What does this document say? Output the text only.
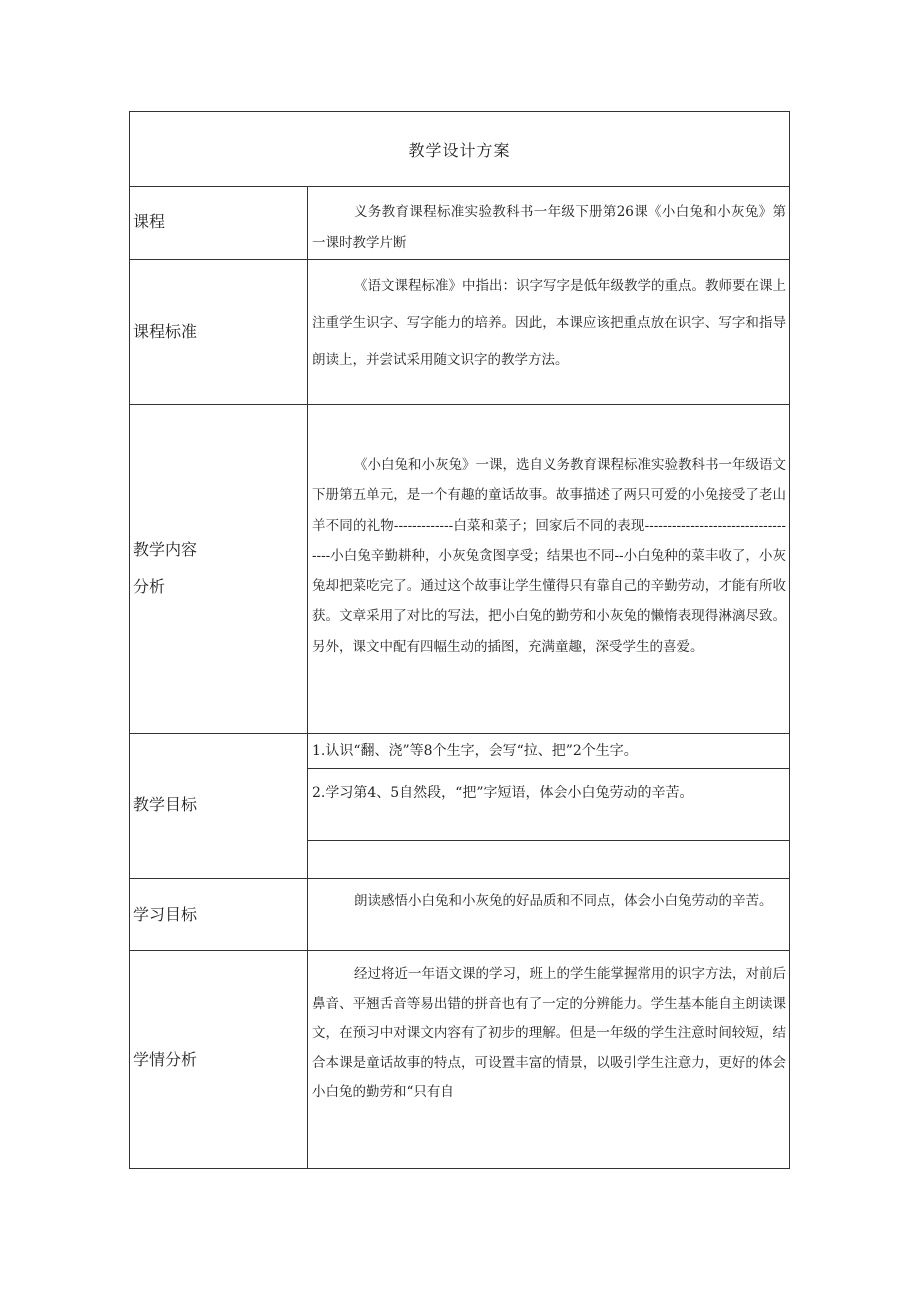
教学设计方案
课程	义务教育课程标准实验教科书一年级下册第26课《小白兔和小灰兔》第一课时教学片断

课程标准

《语文课程标准》中指出：识字写字是低年级教学的重点。教师要在课上注重学生识字、写字能力的培养。因此，本课应该把重点放在识字、写字和指导朗读上，并尝试采用随文识字的教学方法。

教学内容
分析

《小白兔和小灰兔》一课，选自义务教育课程标准实验教科书一年级语文下册第五单元，是一个有趣的童话故事。故事描述了两只可爱的小兔接受了老山羊不同的礼物-------------白菜和菜子；回家后不同的表现-----------------------------------小白兔辛勤耕种，小灰兔贪图享受；结果也不同--小白兔种的菜丰收了，小灰兔却把菜吃完了。通过这个故事让学生懂得只有靠自己的辛勤劳动，才能有所收获。文章采用了对比的写法，把小白兔的勤劳和小灰兔的懒惰表现得淋漓尽致。另外，课文中配有四幅生动的插图，充满童趣，深受学生的喜爱。

教学目标
1.认识“翻、浇”等8个生字，会写“拉、把”2个生字。
2.学习第4、5自然段，“把”字短语，体会小白兔劳动的辛苦。
学习目标

朗读感悟小白兔和小灰兔的好品质和不同点，体会小白兔劳动的辛苦。

学情分析

经过将近一年语文课的学习，班上的学生能掌握常用的识字方法，对前后鼻音、平翘舌音等易出错的拼音也有了一定的分辨能力。学生基本能自主朗读课文，在预习中对课文内容有了初步的理解。但是一年级的学生注意时间较短，结合本课是童话故事的特点，可设置丰富的情景，以吸引学生注意力，更好的体会小白兔的勤劳和“只有自
